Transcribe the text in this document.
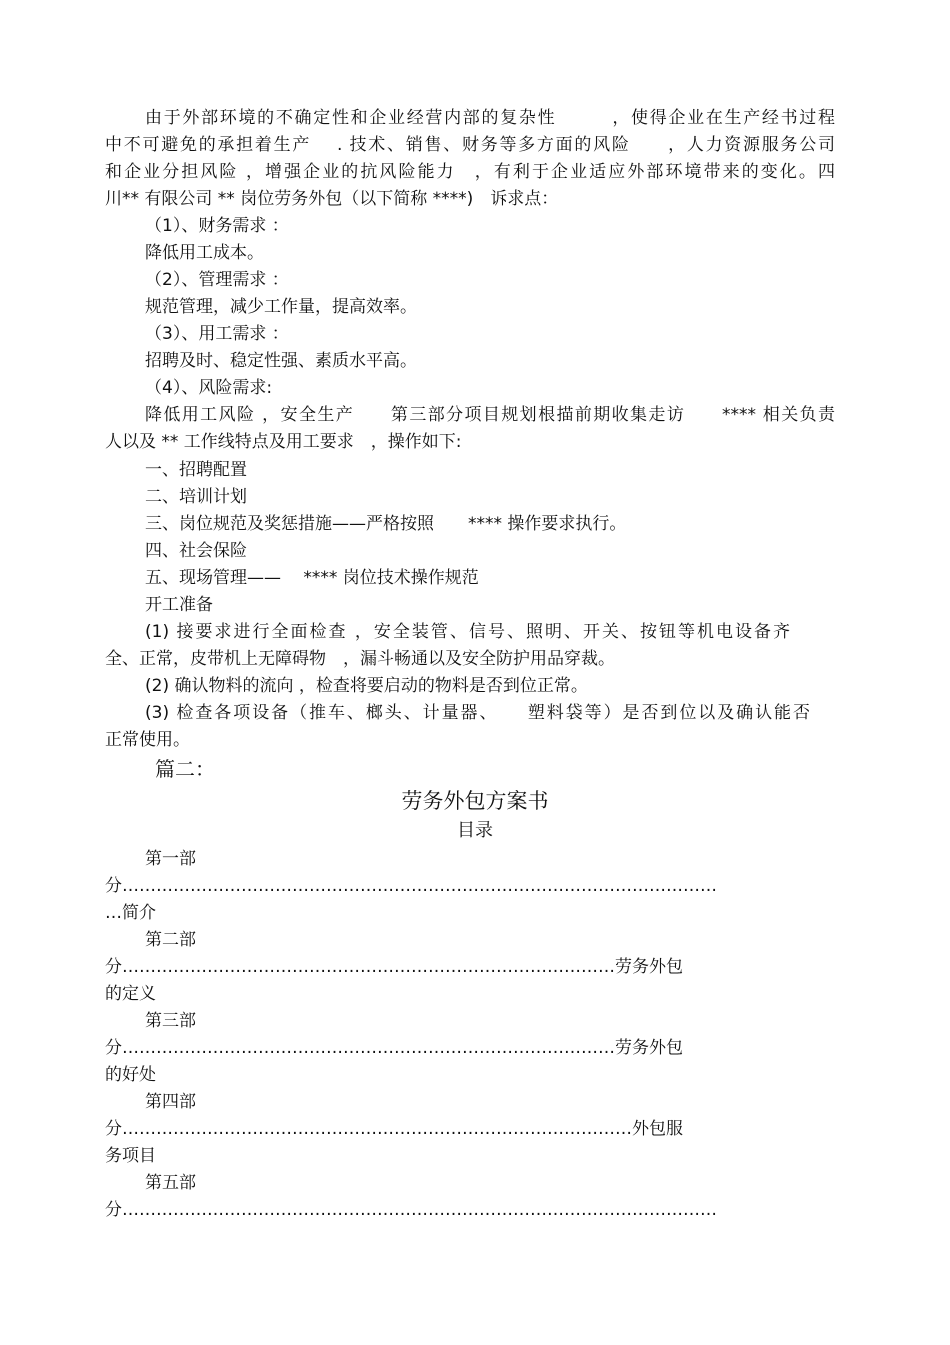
由于外部环境的不确定性和企业经营内部的复杂性　　　，使得企业在生产经书过程
中不可避免的承担着生产　 . 技术、销售、财务等多方面的风险　　，人力资源服务公司
和企业分担风险 ，增强企业的抗风险能力　，有利于企业适应外部环境带来的变化。四
川** 有限公司 ** 岗位劳务外包（以下简称 ****)　诉求点：
（1）、财务需求 ：
降低用工成本。
（2）、管理需求 ：
规范管理，减少工作量，提高效率。
（3）、用工需求 ：
招聘及时、稳定性强、素质水平高。
（4）、风险需求:
降低用工风险 ，安全生产　　第三部分项目规划根描前期收集走访　　**** 相关负责
人以及 ** 工作线特点及用工要求　，操作如下:
一、招聘配置
二、培训计划
三、岗位规范及奖惩措施——严格按照　　**** 操作要求执行。
四、社会保险
五、现场管理——　 **** 岗位技术操作规范
开工准备
(1) 接要求进行全面检查 ，安全装管、信号、照明、开关、按钮等机电设备齐
全、正常，皮带机上无障碍物　，漏斗畅通以及安全防护用品穿裁。
(2) 确认物料的流向 ，检查将要启动的物料是否到位正常。
(3) 检查各项设备（推车、榔头、计量器、　　塑料袋等）是否到位以及确认能否
正常使用。
篇二：
劳务外包方案书
目录
第一部
分……………………………………………………………………………………………
…简介
第二部
分……………………………………………………………………………劳务外包
的定义
第三部
分……………………………………………………………………………劳务外包
的好处
第四部
分………………………………………………………………………………外包服
务项目
第五部
分……………………………………………………………………………………………
